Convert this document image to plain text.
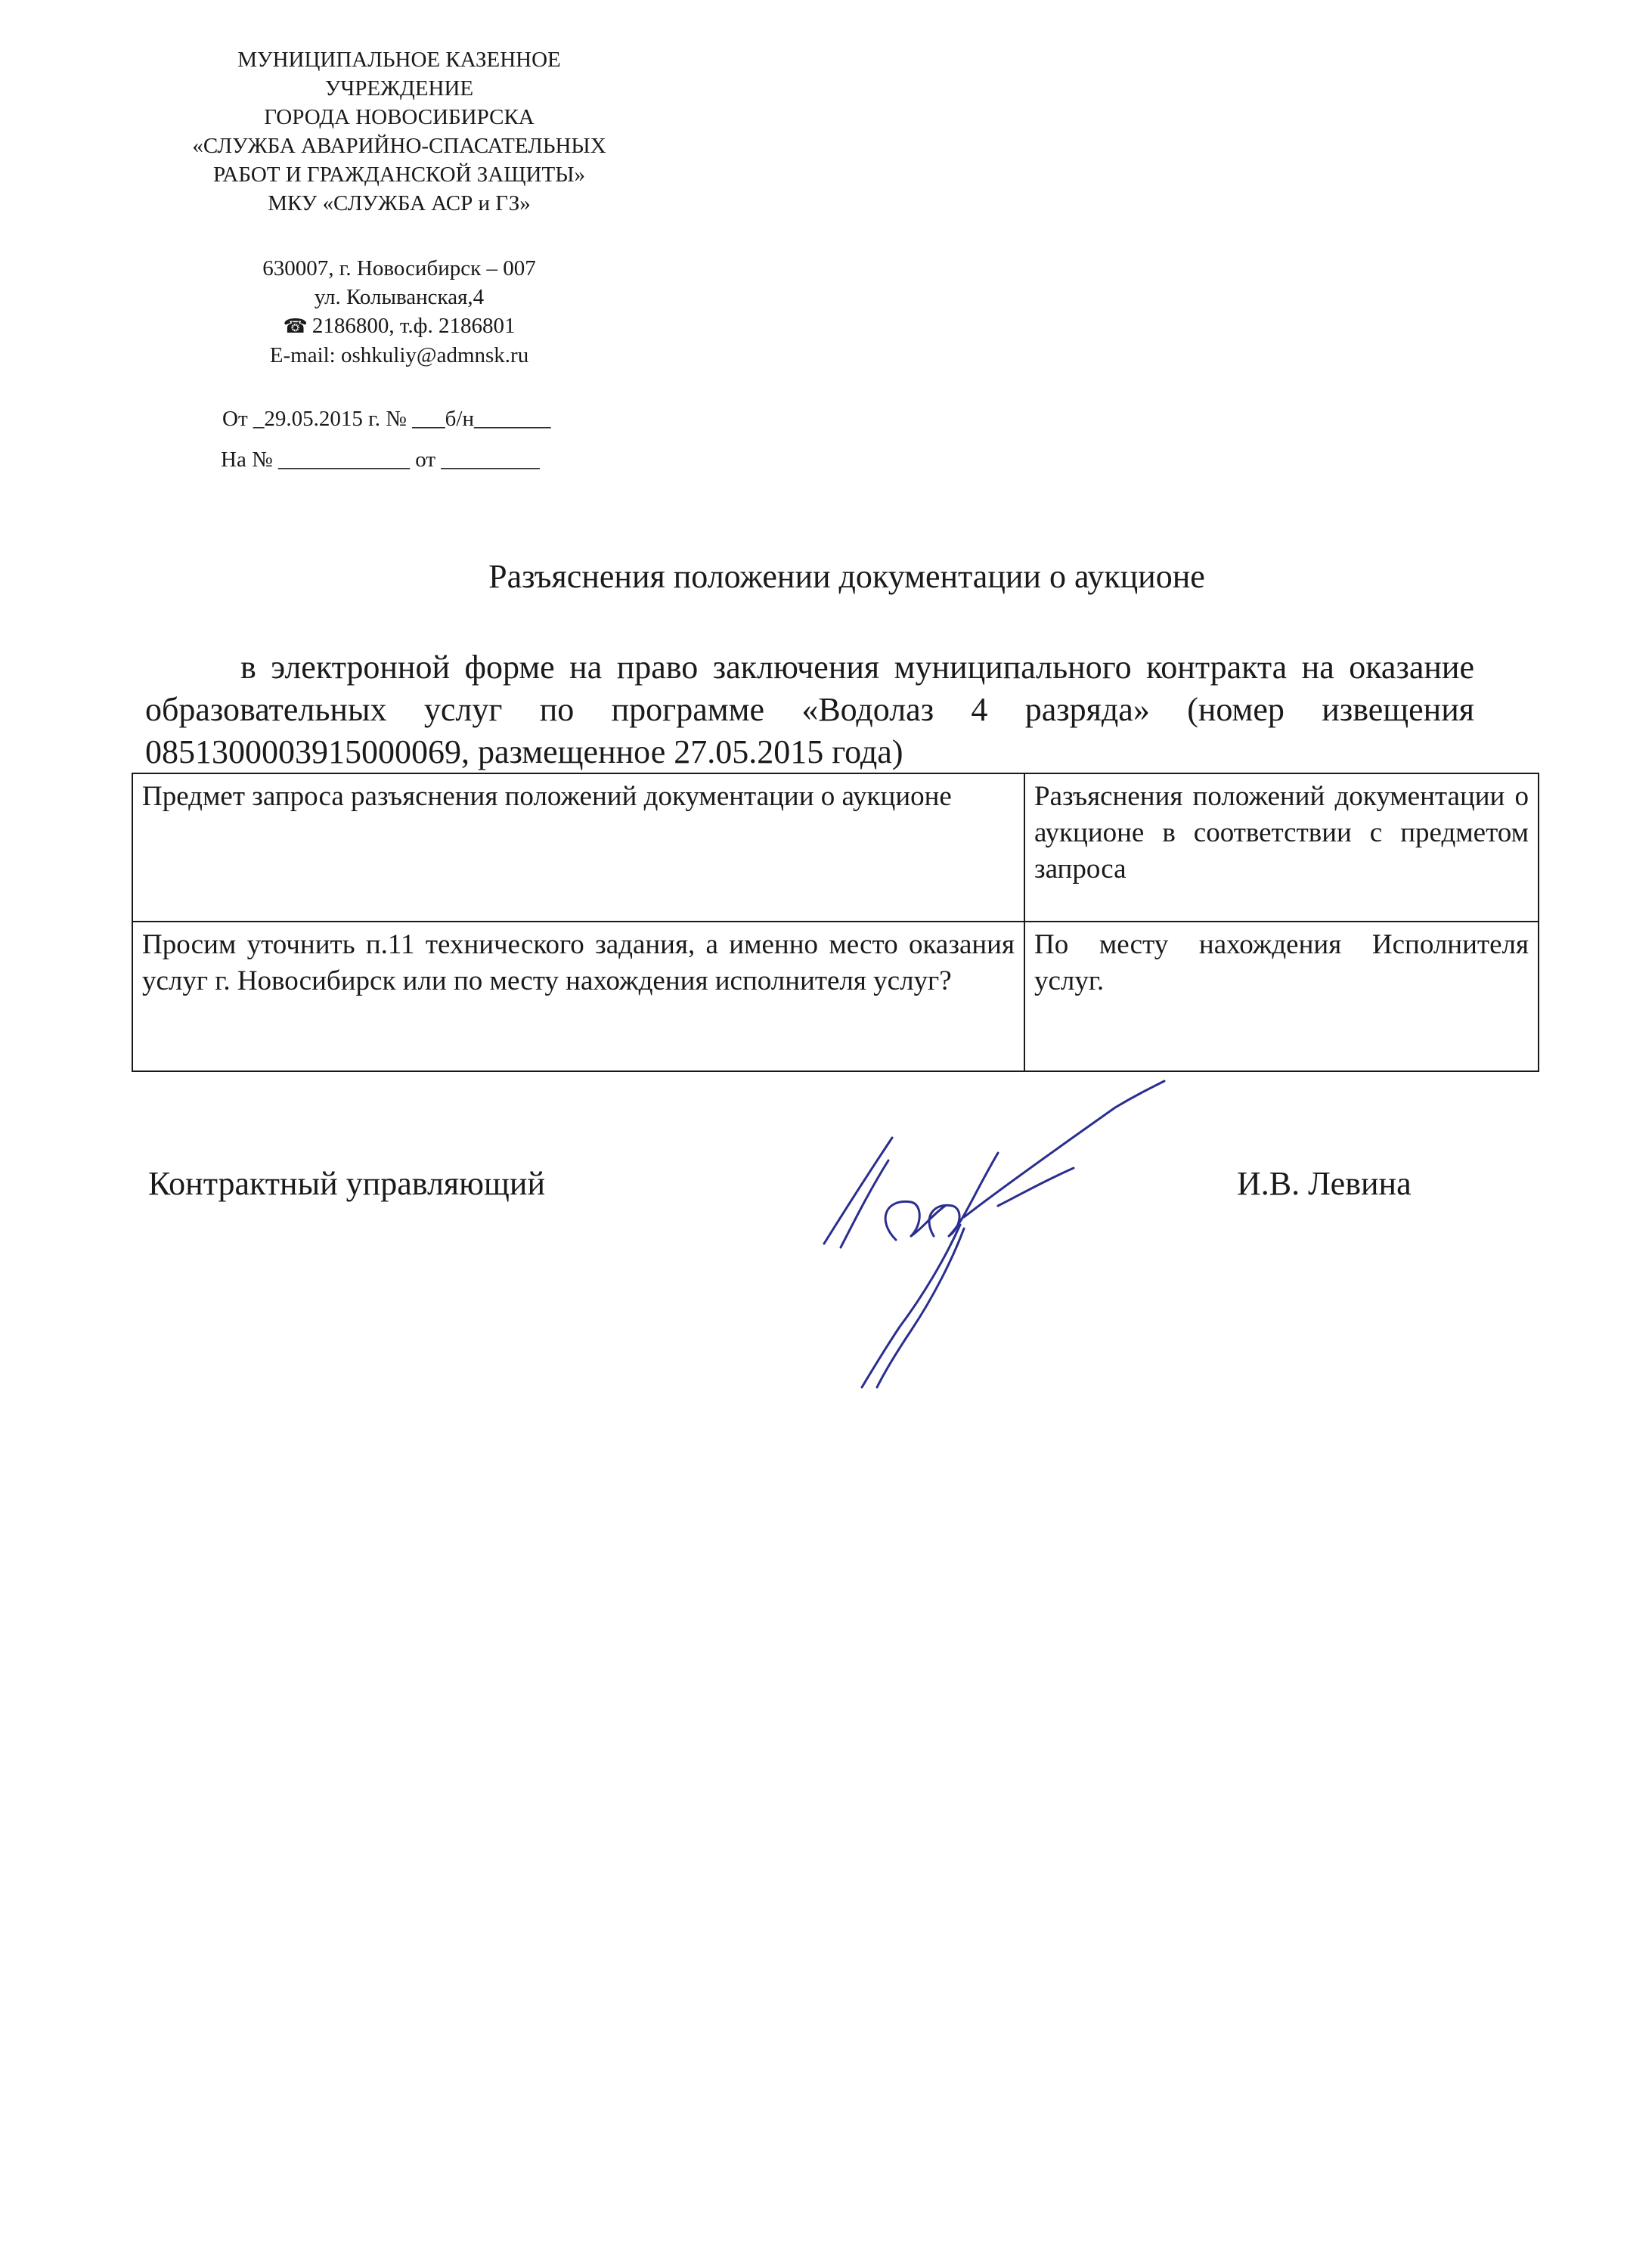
МУНИЦИПАЛЬНОЕ КАЗЕННОЕ
УЧРЕЖДЕНИЕ
ГОРОДА НОВОСИБИРСКА
«СЛУЖБА АВАРИЙНО-СПАСАТЕЛЬНЫХ
РАБОТ И ГРАЖДАНСКОЙ ЗАЩИТЫ»
МКУ «СЛУЖБА АСР и ГЗ»
630007, г. Новосибирск – 007
ул. Колыванская,4
☎ 2186800, т.ф. 2186801
E-mail: oshkuliy@admnsk.ru
От _29.05.2015 г. № ___б/н_______
На № ____________ от _________
Разъяснения положении документации о аукционе
в электронной форме на право заключения муниципального контракта на оказание образовательных услуг по программе «Водолаз 4 разряда» (номер извещения 0851300003915000069, размещенное 27.05.2015 года)
Предмет запроса разъяснения положений документации о аукционе	Разъяснения положений документации о аукционе в соответствии с предметом запроса
Просим уточнить п.11 технического задания, а именно место оказания услуг г. Новосибирск или по месту нахождения исполнителя услуг?	По месту нахождения Исполнителя услуг.
Контрактный управляющий	И.В. Левина
